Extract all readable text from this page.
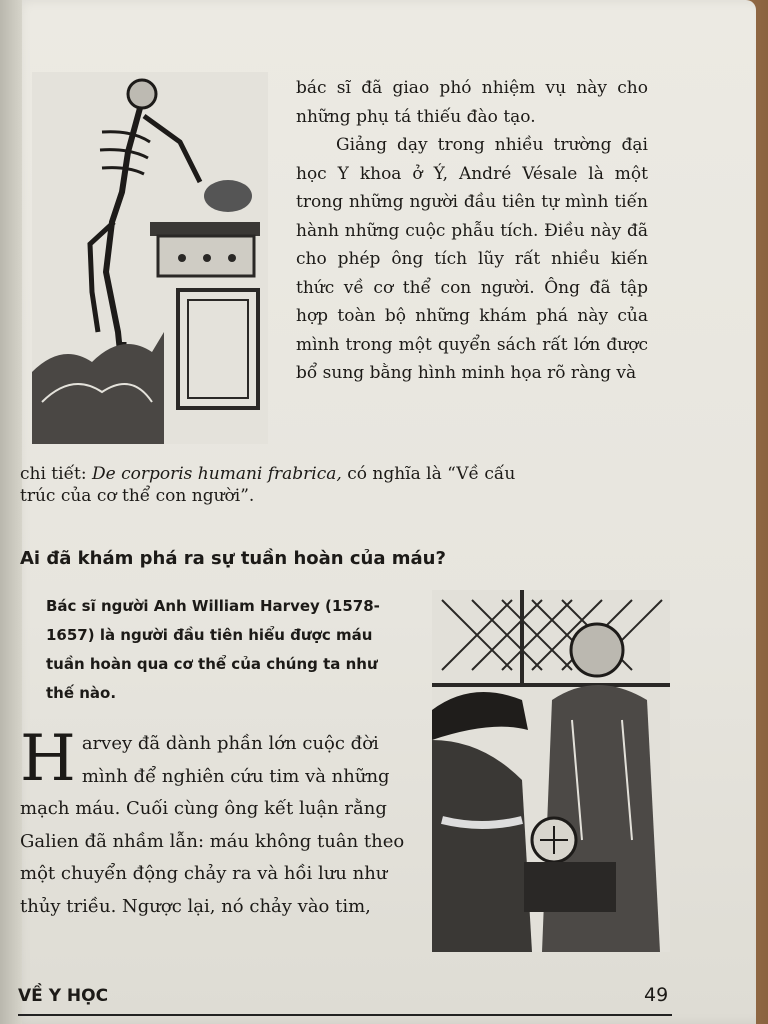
bác sĩ đã giao phó nhiệm vụ này cho những phụ tá thiếu đào tạo.

Giảng dạy trong nhiều trường đại học Y khoa ở Ý, André Vésale là một trong những người đầu tiên tự mình tiến hành những cuộc phẫu tích. Điều này đã cho phép ông tích lũy rất nhiều kiến thức về cơ thể con người. Ông đã tập hợp toàn bộ những khám phá này của mình trong một quyển sách rất lớn được bổ sung bằng hình minh họa rõ ràng và

chi tiết: De corporis humani frabrica, có nghĩa là “Về cấu
trúc của cơ thể con người”.
Ai đã khám phá ra sự tuần hoàn của máu?
Bác sĩ người Anh William Harvey (1578-1657) là người đầu tiên hiểu được máu tuần hoàn qua cơ thể của chúng ta như thế nào.
Harvey đã dành phần lớn cuộc đời mình để nghiên cứu tim và những mạch máu. Cuối cùng ông kết luận rằng Galien đã nhầm lẫn: máu không tuân theo một chuyển động chảy ra và hồi lưu như thủy triều. Ngược lại, nó chảy vào tim,
VỀ Y HỌC	49
